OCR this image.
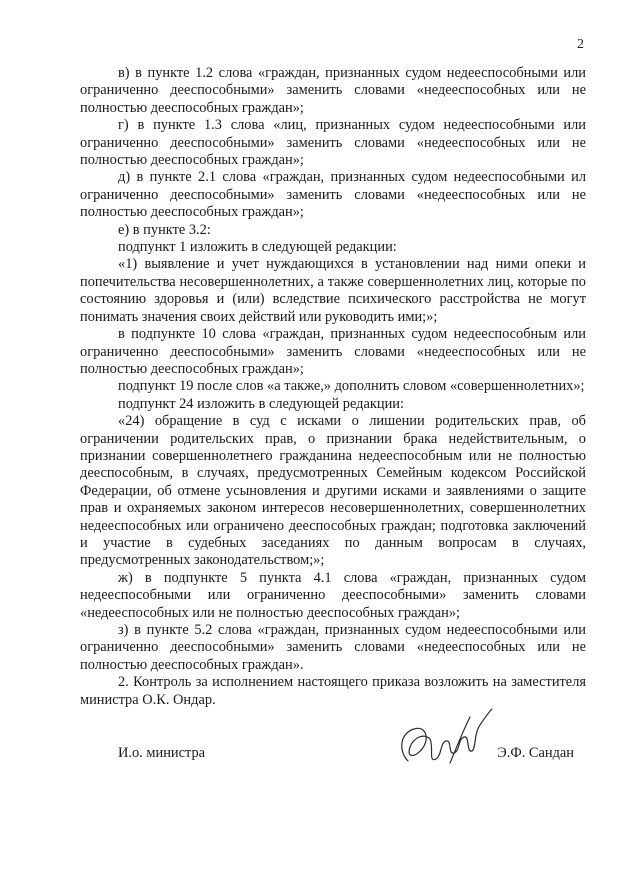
2

в) в пункте 1.2 слова «граждан, признанных судом недееспособными или ограниченно дееспособными» заменить словами «недееспособных или не полностью дееспособных граждан»;

г) в пункте 1.3 слова «лиц, признанных судом недееспособными или ограниченно дееспособными» заменить словами «недееспособных или не полностью дееспособных граждан»;

д) в пункте 2.1 слова «граждан, признанных судом недееспособными ил ограниченно дееспособными» заменить словами «недееспособных или не полностью дееспособных граждан»;

е) в пункте 3.2:

подпункт 1 изложить в следующей редакции:

«1) выявление и учет нуждающихся в установлении над ними опеки и попечительства несовершеннолетних, а также совершеннолетних лиц, которые по состоянию здоровья и (или) вследствие психического расстройства не могут понимать значения своих действий или руководить ими;»;

в подпункте 10 слова «граждан, признанных судом недееспособным или ограниченно дееспособными» заменить словами «недееспособных или не полностью дееспособных граждан»;

подпункт 19 после слов «а также,» дополнить словом «совершеннолетних»;

подпункт 24 изложить в следующей редакции:

«24) обращение в суд с исками о лишении родительских прав, об ограничении родительских прав, о признании брака недействительным, о признании совершеннолетнего гражданина недееспособным или не полностью дееспособным, в случаях, предусмотренных Семейным кодексом Российской Федерации, об отмене усыновления и другими исками и заявлениями о защите прав и охраняемых законом интересов несовершеннолетних, совершеннолетних недееспособных или ограничено дееспособных граждан; подготовка заключений и участие в судебных заседаниях по данным вопросам в случаях, предусмотренных законодательством;»;

ж) в подпункте 5 пункта 4.1 слова «граждан, признанных судом недееспособными или ограниченно дееспособными» заменить словами «недееспособных или не полностью дееспособных граждан»;

з) в пункте 5.2 слова «граждан, признанных судом недееспособными или ограниченно дееспособными» заменить словами «недееспособных или не полностью дееспособных граждан».

2. Контроль за исполнением настоящего приказа возложить на заместителя министра О.К. Ондар.

И.о. министра	Э.Ф. Сандан
